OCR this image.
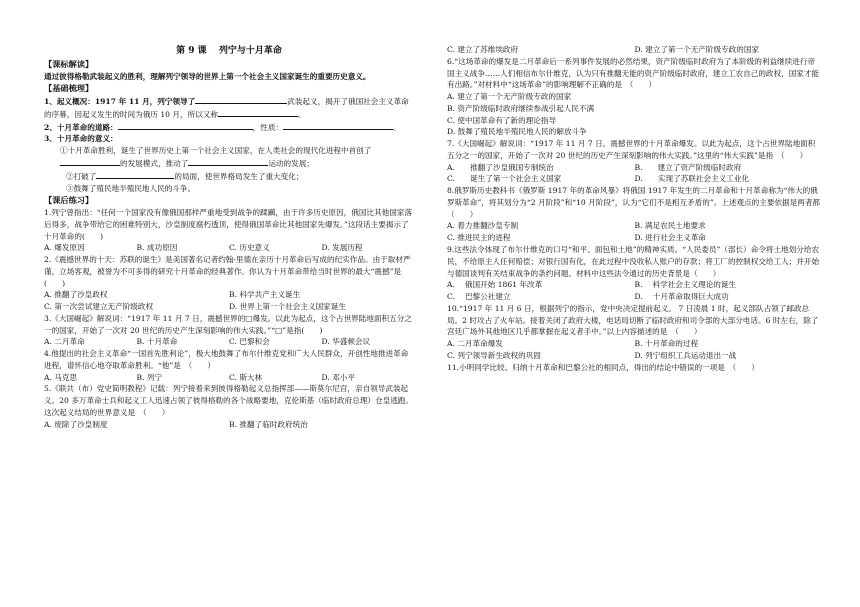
第 9 课　 列宁与十月革命

【课标解读】

通过彼得格勒武装起义的胜利，理解列宁领导的世界上第一个社会主义国家诞生的重要历史意义。

【基础梳理】

1、起义概况：1917 年 11 月，列宁领导了	武装起义，揭开了俄国社会主义革命的序幕，因起义发生的时间为俄历 10 月，所以又称	。

2、十月革命的道路：	，性质：	。

3、十月革命的意义：

①十月革命胜利，诞生了世界历史上第一个社会主义国家，在人类社会的现代化进程中首创了的发展模式，推动了	运动的发展；

②打破了	的局面，使世界格局发生了重大变化；

③鼓舞了殖民地半殖民地人民的斗争。

【课后练习】

1.列宁曾指出：“任何一个国家没有像俄国那样严重地受到战争的蹂躏，由于许多历史原因，俄国比其他国家落后得多，战争带给它的困难特别大，沙皇制度腐朽透顶，使得俄国革命比其他国家先爆发。”这段话主要揭示了十月革命的(　　)

A. 爆发原因	B. 成功原因	C. 历史意义	D. 发展历程

2.《震撼世界的十天：苏联的诞生》是美国著名记者约翰·里德在亲历十月革命后写成的纪实作品。由于取材严谨，立场客观，被誉为不可多得的研究十月革命的经典著作。你认为十月革命带给当时世界的最大“震撼”是(　　)

A. 推翻了沙皇政权	B. 科学共产主义诞生
C. 第一次尝试建立无产阶级政权	D. 世界上第一个社会主义国家诞生

3.《大国崛起》解说词：“1917 年 11 月 7 日，震撼世界的□爆发。以此为起点，这个占世界陆地面积五分之一的国家，开始了一次对 20 世纪的历史产生深刻影响的伟大实践。”“□”是指(　　)

A. 二月革命	B. 十月革命	C. 巴黎和会	D. 华盛顿会议

4.他提出的社会主义革命“一国首先胜利论”，极大地鼓舞了布尔什维克党和广大人民群众，开创性地推进革命进程，谱怀信心地夺取革命胜利。“他”是　（　　）

A. 马克思	B. 列宁	C. 斯大林	D. 邓小平

5.《联共（布）党史简明教程》记载：列宁接着来到彼得格勒起义总指挥部——斯莫尔尼宫，亲自领导武装起义。20 多万革命士兵和起义工人迅速占领了彼得格勒的各个战略要地，克伦斯基（临时政府总理）仓皇逃跑。 这次起义结局的世界意义是　（　　）

A. 废除了沙皇制度	B. 推翻了临时政府统治
C. 建立了苏维埃政府	D. 建立了第一个无产阶级专政的国家

6.“这场革命的爆发是二月革命后一系列事件发展的必然结果，资产阶级临时政府为了本阶级的利益继续进行帝国主义战争……人们相信布尔什维克，认为只有推翻无能的资产阶级临时政府，建立工农自己的政权，国家才能有出路。”对材料中“这场革命”的影响理解不正确的是　（　　）

A. 建立了第一个无产阶级专政的国家

B. 资产阶级临时政府继续参战引起人民不满

C. 使中国革命有了新的理论指导

D. 鼓舞了殖民地半殖民地人民的解放斗争

7.《大国崛起》解说词：“1917 年 11 月 7 日，震撼世界的十月革命爆发。以此为起点，这个占世界陆地面积五分之一的国家，开始了一次对 20 世纪的历史产生深刻影响的伟大实践。”这里的“伟大实践”是指　（　　）

A.　　推翻了沙皇俄国专制统治	B.　　建立了资产阶级临时政府
C.　　诞生了第一个社会主义国家	D.　　实现了苏联社会主义工业化

8.俄罗斯历史教科书《俄罗斯 1917 年的革命风暴》将俄国 1917 年发生的二月革命和十月革命称为“伟大的俄罗斯革命”，将其划分为“2 月阶段”和“10 月阶段”，认为“它们不是相互矛盾的”。上述观点的主要依据是两者都　（　　）

A. 着力推翻沙皇专制	B. 满足农民土地要求
C. 推进民主的进程	D. 进行社会主义革命

9.这些法令体现了布尔什维克的口号“和平、面包和土地”的精神实质。“人民委员”（部长）命令将土地划分给农民，不给原主人任何赔偿；对银行国有化，在此过程中没收私人账户的存款；将工厂的控制权交给工人；并开始与德国谈判有关结束战争的条约问题。材料中这些法令通过的历史背景是（　　）

A.　 俄国开始 1861 年改革	B.　 科学社会主义理论的诞生
C.　 巴黎公社建立	D.　 十月革命取得巨大成功

10.“1917 年 11 月 6 日，根据列宁的指示，党中央决定提前起义。 7 日凌晨 1 时，起义部队占领了邮政总局。2 时攻占了火车站。接着关闭了政府大楼，电话局切断了临时政府和司令部的大部分电话。6 时左右，除了宫廷广场外其他地区几乎都掌握在起义者手中。”以上内容描述的是　（　　）

A. 二月革命爆发	B. 十月革命的过程
C. 列宁领导新生政权的巩固	D. 列宁组织工兵运动退出一战

11.小明同学比较、归纳十月革命和巴黎公社的相同点，得出的结论中错误的一项是　（　　）
